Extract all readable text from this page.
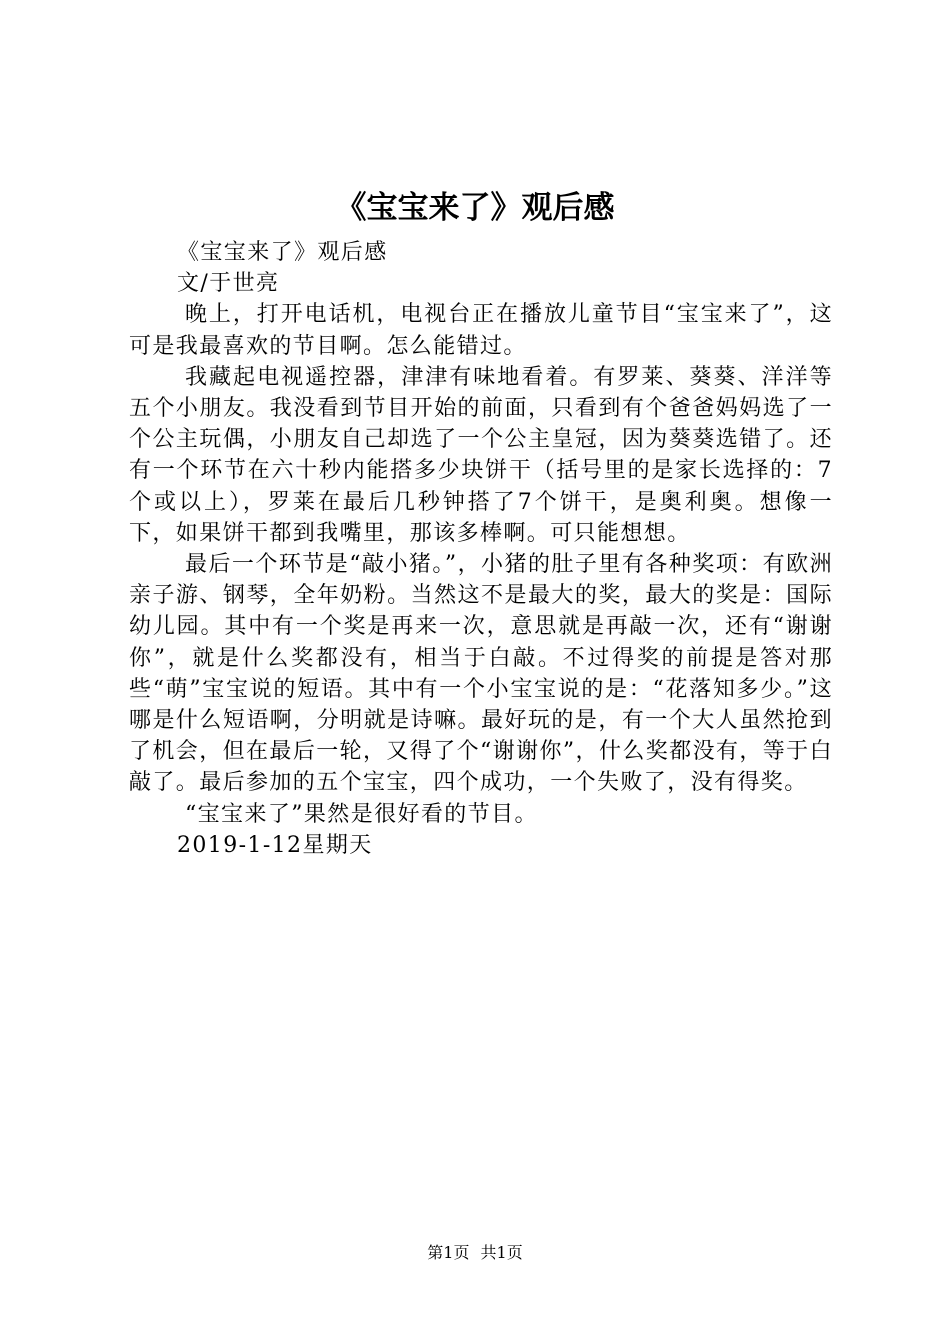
《宝宝来了》观后感

《宝宝来了》观后感

文/于世亮

晚上，打开电话机，电视台正在播放儿童节目“宝宝来了”，这可是我最喜欢的节目啊。怎么能错过。

我藏起电视遥控器，津津有味地看着。有罗莱、葵葵、洋洋等五个小朋友。我没看到节目开始的前面，只看到有个爸爸妈妈选了一个公主玩偶，小朋友自己却选了一个公主皇冠，因为葵葵选错了。还有一个环节在六十秒内能搭多少块饼干（括号里的是家长选择的：7个或以上），罗莱在最后几秒钟搭了7个饼干，是奥利奥。想像一下，如果饼干都到我嘴里，那该多棒啊。可只能想想。

最后一个环节是“敲小猪。”，小猪的肚子里有各种奖项：有欧洲亲子游、钢琴，全年奶粉。当然这不是最大的奖，最大的奖是：国际幼儿园。其中有一个奖是再来一次，意思就是再敲一次，还有“谢谢你”，就是什么奖都没有，相当于白敲。不过得奖的前提是答对那些“萌”宝宝说的短语。其中有一个小宝宝说的是：“花落知多少。”这哪是什么短语啊，分明就是诗嘛。最好玩的是，有一个大人虽然抢到了机会，但在最后一轮，又得了个“谢谢你”，什么奖都没有，等于白敲了。最后参加的五个宝宝，四个成功，一个失败了，没有得奖。

“宝宝来了”果然是很好看的节目。

2019-1-12星期天

第1页 共1页
